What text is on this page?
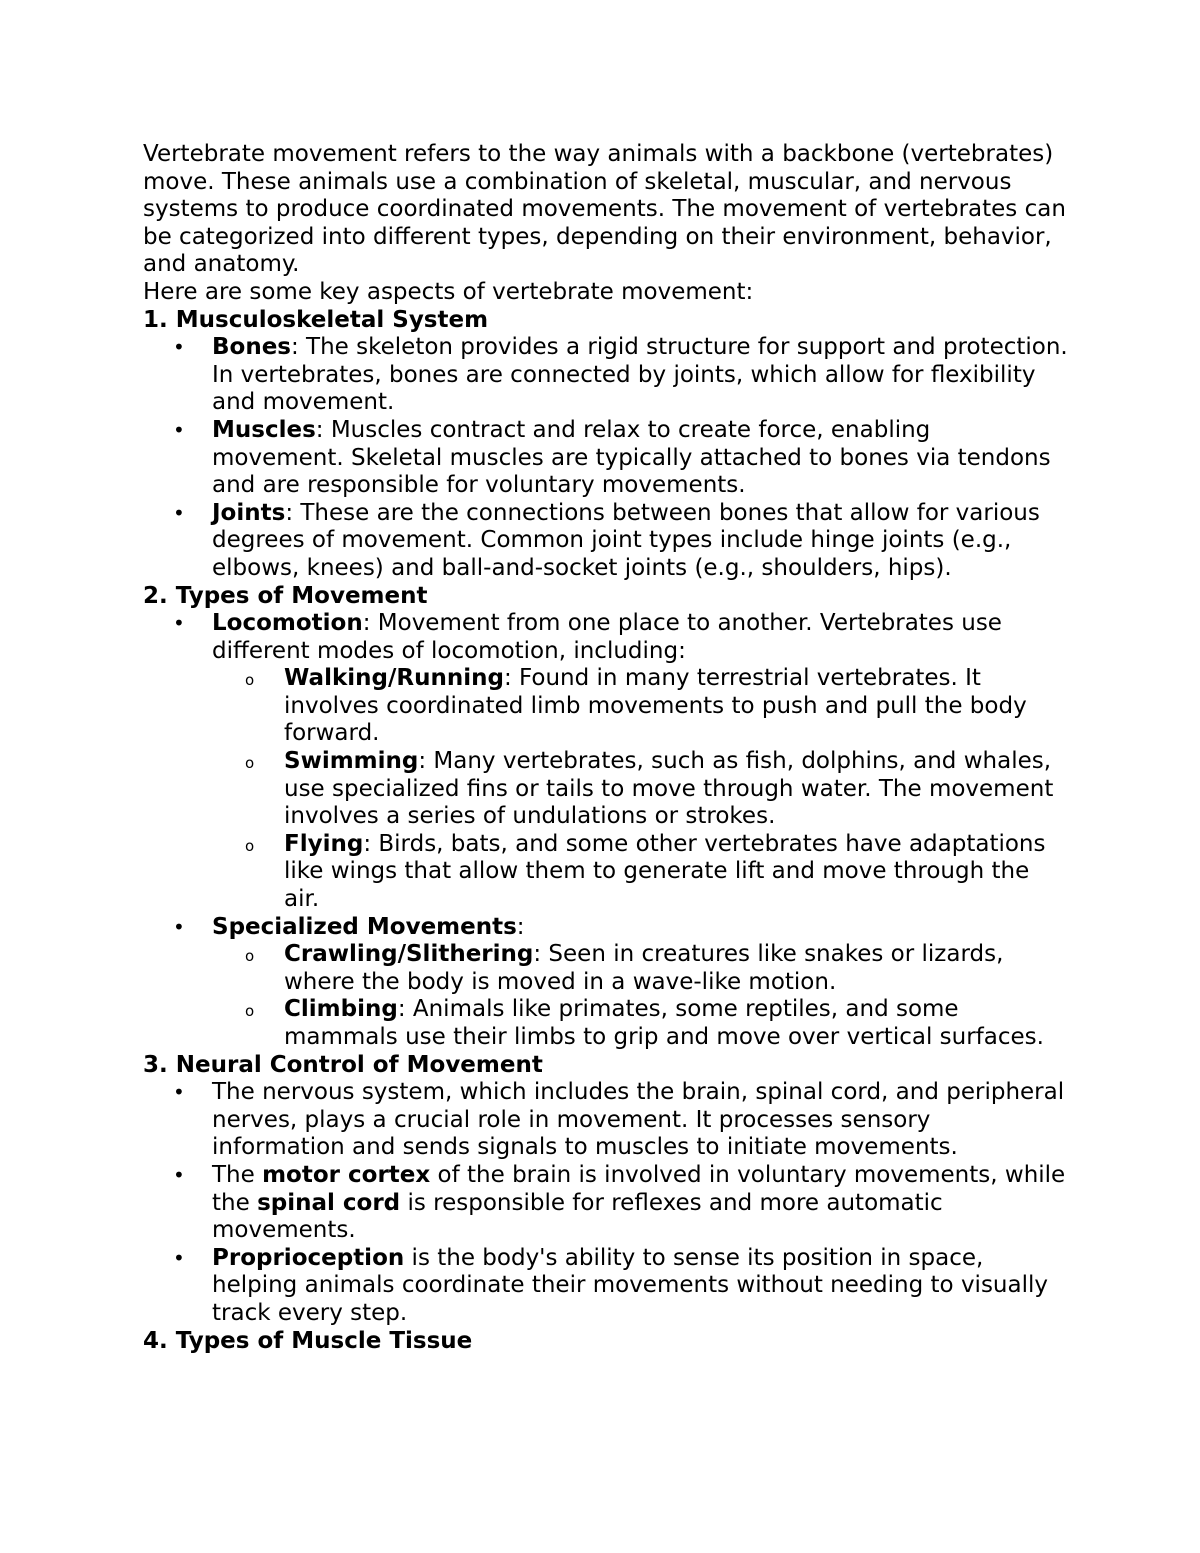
Vertebrate movement refers to the way animals with a backbone (vertebrates) move. These animals use a combination of skeletal, muscular, and nervous systems to produce coordinated movements. The movement of vertebrates can be categorized into different types, depending on their environment, behavior, and anatomy.

Here are some key aspects of vertebrate movement:

1. Musculoskeletal System

• Bones: The skeleton provides a rigid structure for support and protection. In vertebrates, bones are connected by joints, which allow for flexibility and movement.
• Muscles: Muscles contract and relax to create force, enabling movement. Skeletal muscles are typically attached to bones via tendons and are responsible for voluntary movements.
• Joints: These are the connections between bones that allow for various degrees of movement. Common joint types include hinge joints (e.g., elbows, knees) and ball-and-socket joints (e.g., shoulders, hips).

2. Types of Movement

• Locomotion: Movement from one place to another. Vertebrates use different modes of locomotion, including:
o Walking/Running: Found in many terrestrial vertebrates. It involves coordinated limb movements to push and pull the body forward.
o Swimming: Many vertebrates, such as fish, dolphins, and whales, use specialized fins or tails to move through water. The movement involves a series of undulations or strokes.
o Flying: Birds, bats, and some other vertebrates have adaptations like wings that allow them to generate lift and move through the air.
• Specialized Movements:
o Crawling/Slithering: Seen in creatures like snakes or lizards, where the body is moved in a wave-like motion.
o Climbing: Animals like primates, some reptiles, and some mammals use their limbs to grip and move over vertical surfaces.

3. Neural Control of Movement

• The nervous system, which includes the brain, spinal cord, and peripheral nerves, plays a crucial role in movement. It processes sensory information and sends signals to muscles to initiate movements.
• The motor cortex of the brain is involved in voluntary movements, while the spinal cord is responsible for reflexes and more automatic movements.
• Proprioception is the body's ability to sense its position in space, helping animals coordinate their movements without needing to visually track every step.

4. Types of Muscle Tissue
